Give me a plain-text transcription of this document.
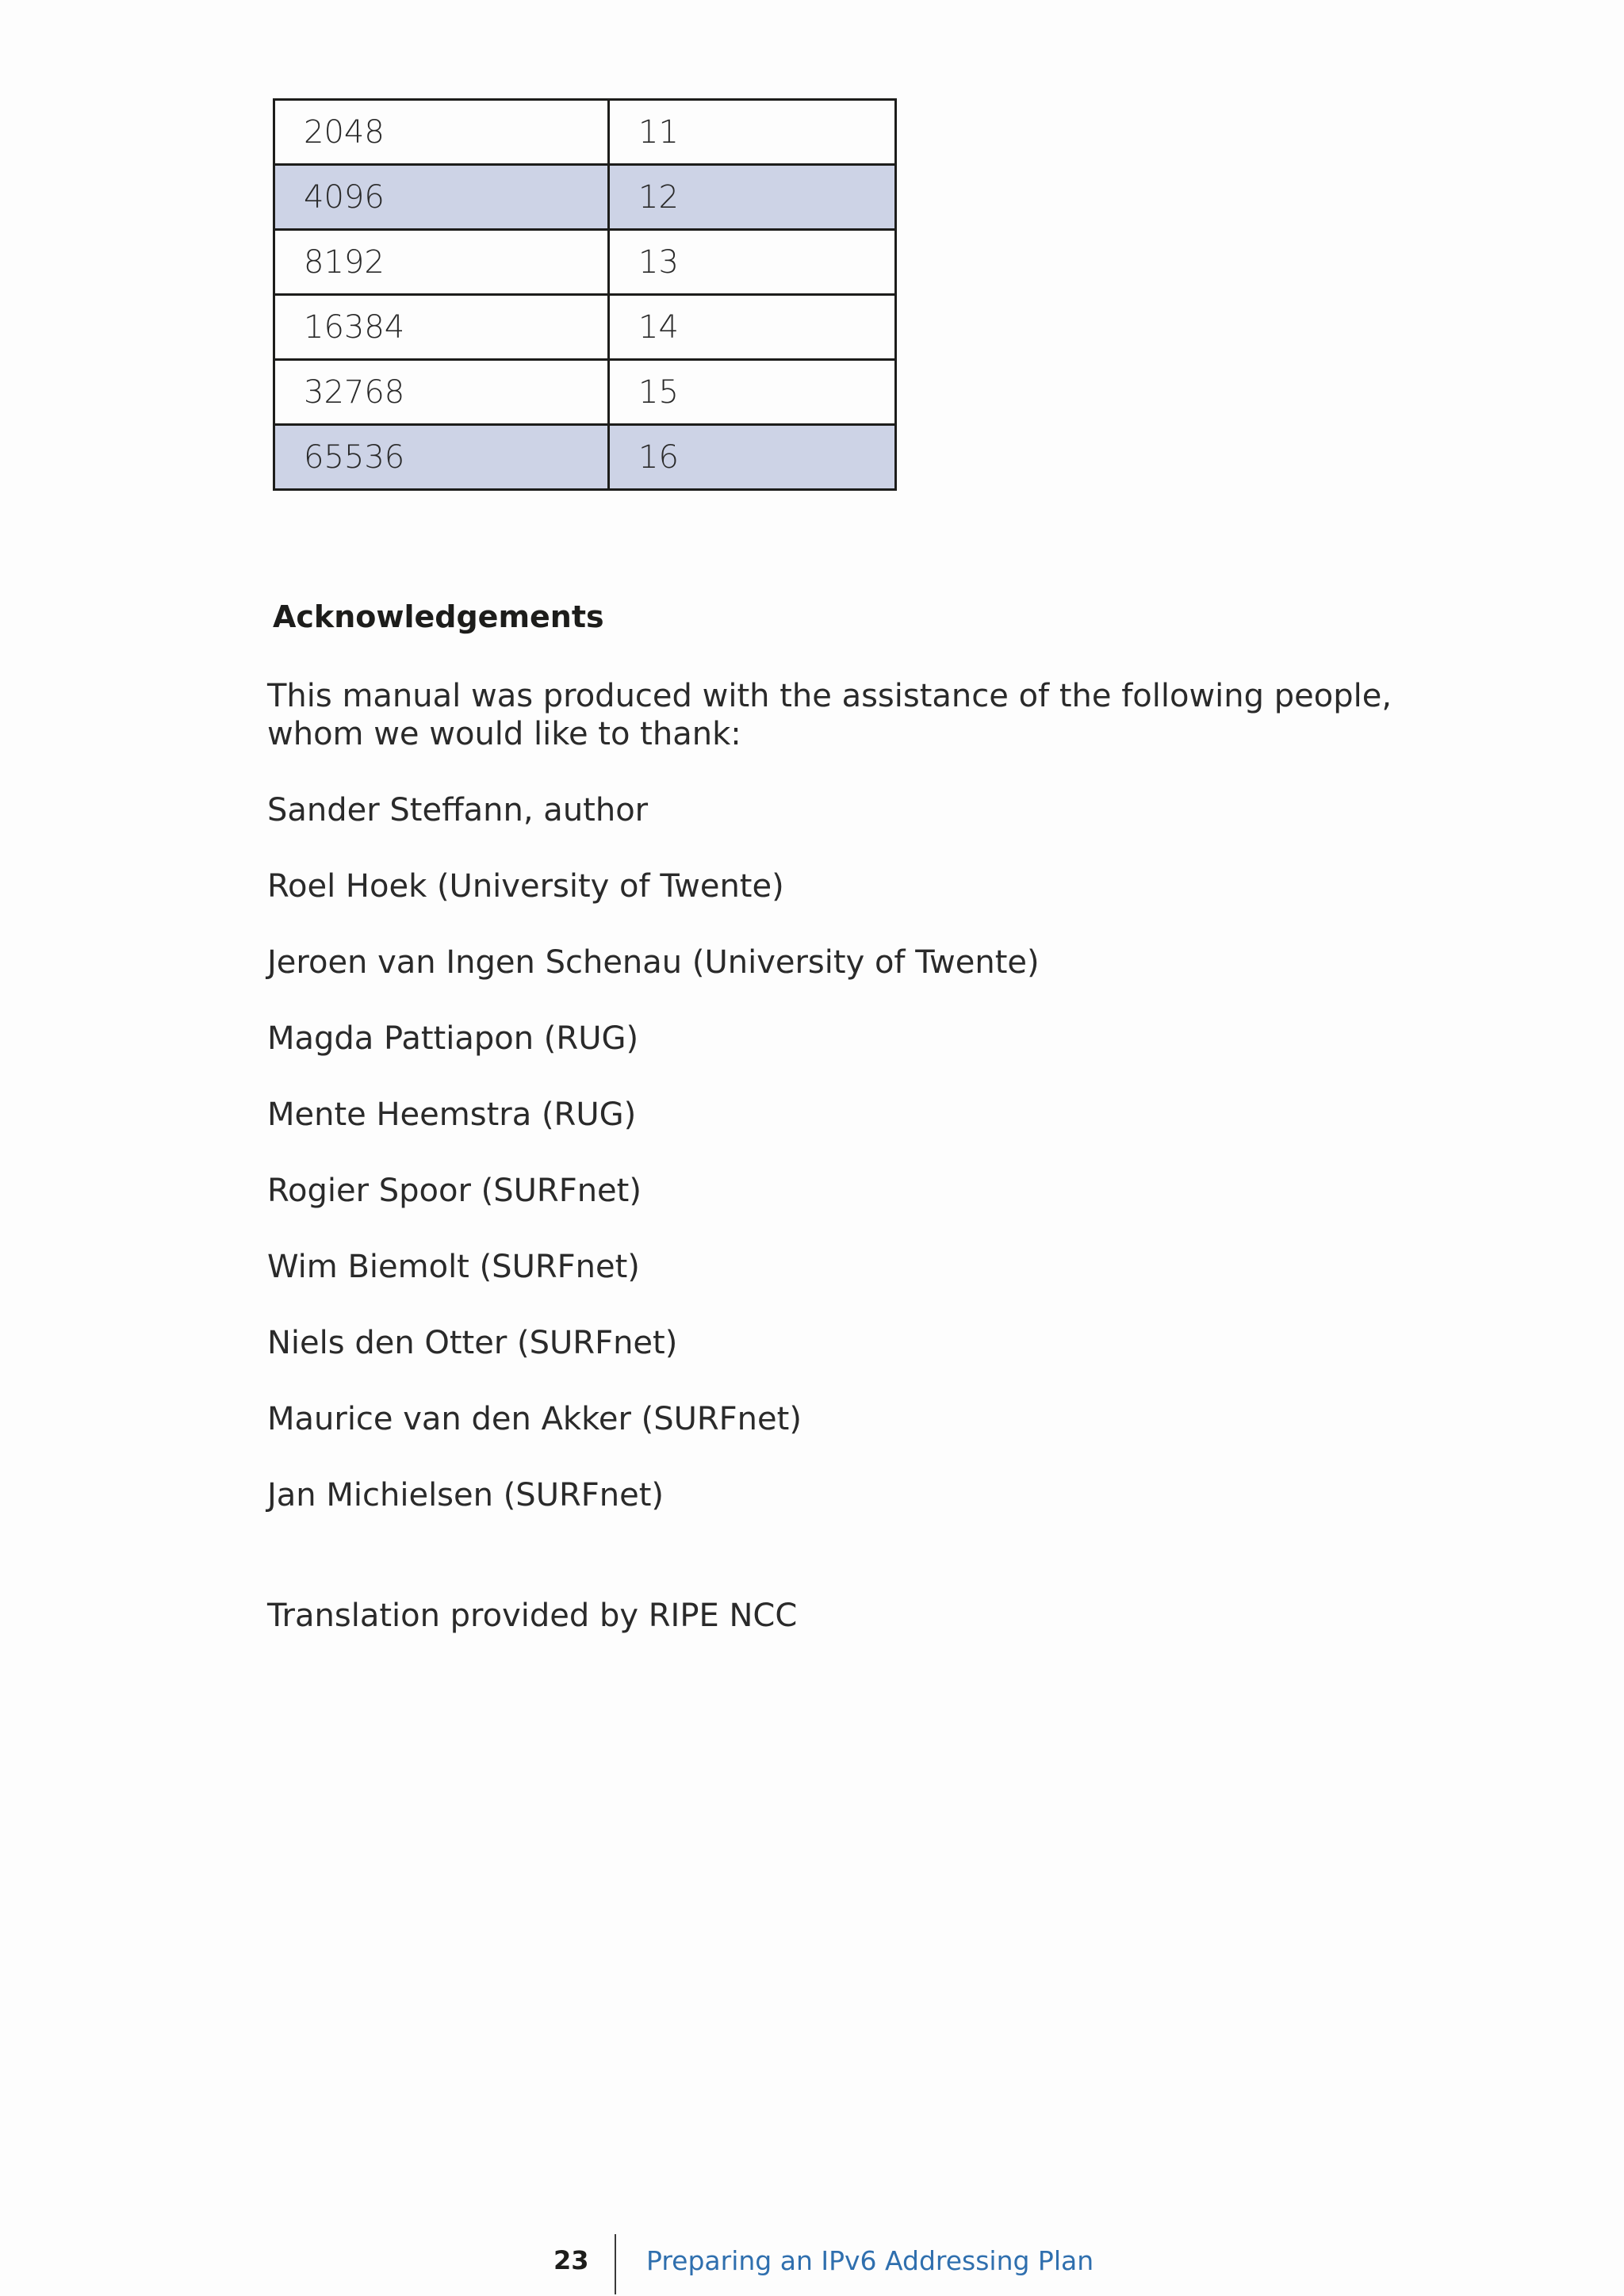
2048	11
4096	12
8192	13
16384	14
32768	15
65536	16
Acknowledgements

This manual was produced with the assistance of the following people, whom we would like to thank:

Sander Steffann, author
Roel Hoek (University of Twente)
Jeroen van Ingen Schenau (University of Twente)
Magda Pattiapon (RUG)
Mente Heemstra (RUG)
Rogier Spoor (SURFnet)
Wim Biemolt (SURFnet)
Niels den Otter (SURFnet)
Maurice van den Akker (SURFnet)
Jan Michielsen (SURFnet)

Translation provided by RIPE NCC

23 Preparing an IPv6 Addressing Plan
